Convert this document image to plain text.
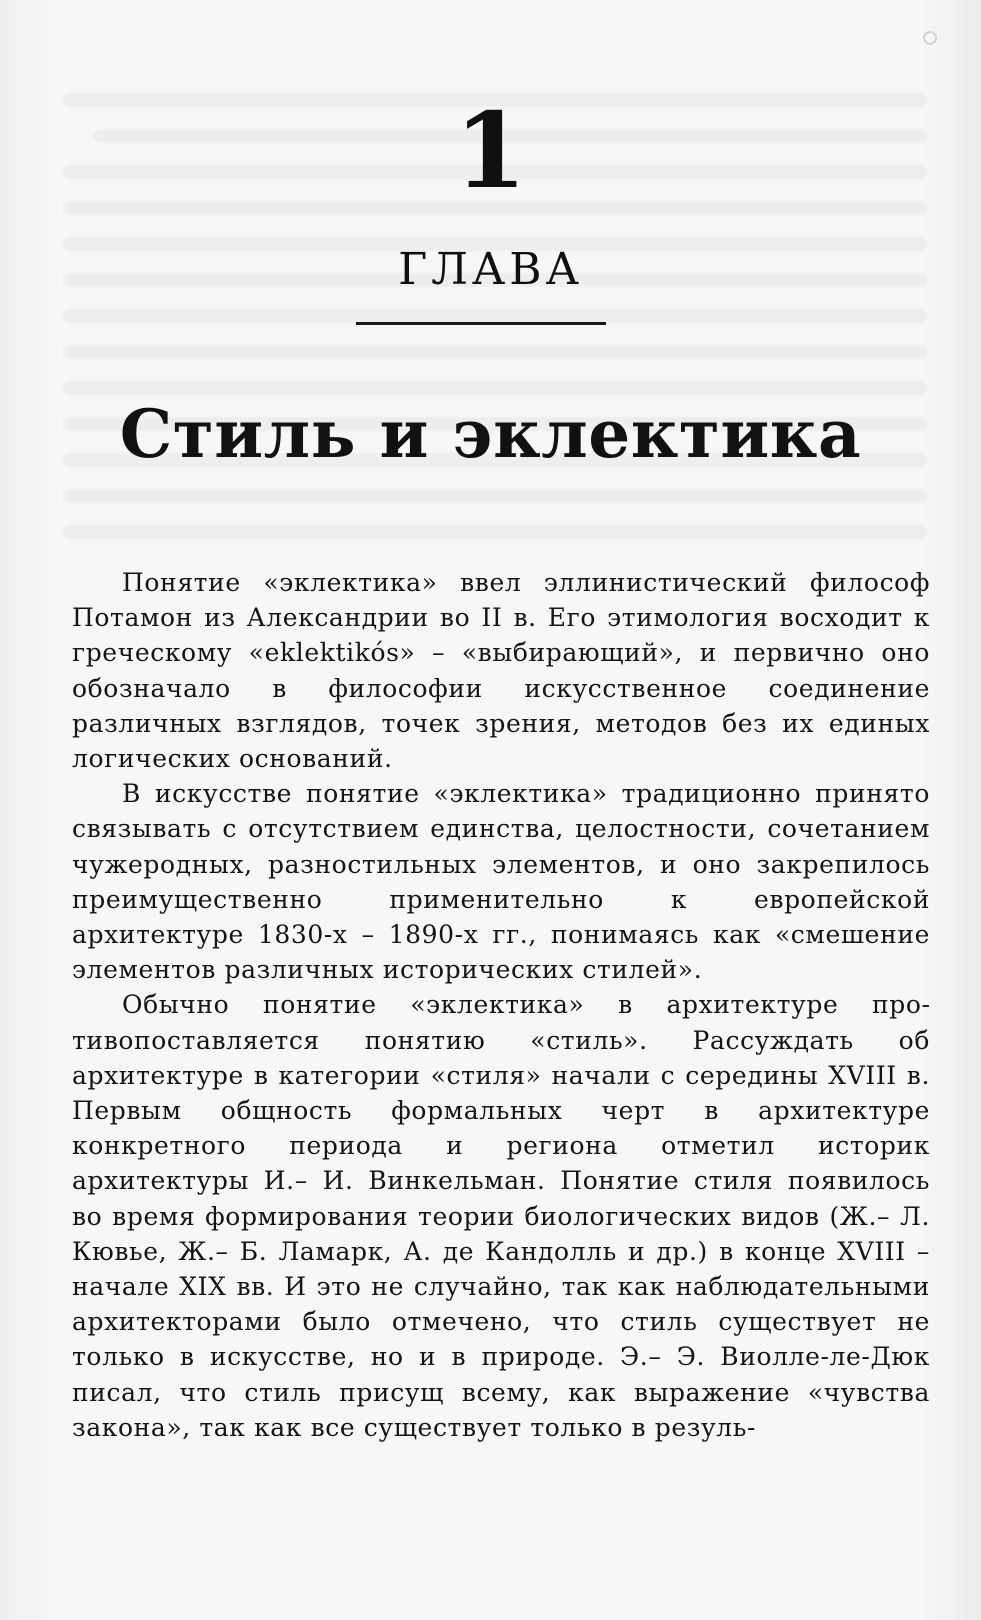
1
ГЛАВА
Стиль и эклектика

Понятие «эклектика» ввел эллинистический философ Потамон из Александрии во II в. Его этимология восходит к греческому «eklektikós» – «выбирающий», и первично оно обозначало в философии искусственное соединение различных взглядов, точек зрения, методов без их единых логических оснований.

В искусстве понятие «эклектика» традиционно принято связывать с отсутствием единства, целостности, сочетанием чужеродных, разностильных элементов, и оно закрепилось преимущественно применительно к европейской архитектуре 1830-х – 1890-х гг., понимаясь как «смешение элементов различных исторических стилей».

Обычно понятие «эклектика» в архитектуре противопоставляется понятию «стиль». Рассуждать об архитектуре в категории «стиля» начали с середины XVIII в. Первым общность формальных черт в архитектуре конкретного периода и региона отметил историк архитектуры И.– И. Винкельман. Понятие стиля появилось во время формирования теории биологических видов (Ж.– Л. Кювье, Ж.– Б. Ламарк, А. де Кандолль и др.) в конце XVIII – начале XIX вв. И это не случайно, так как наблюдательными архитекторами было отмечено, что стиль существует не только в искусстве, но и в природе. Э.– Э. Виолле-ле-Дюк писал, что стиль присущ всему, как выражение «чувства закона», так как все существует только в резуль-
